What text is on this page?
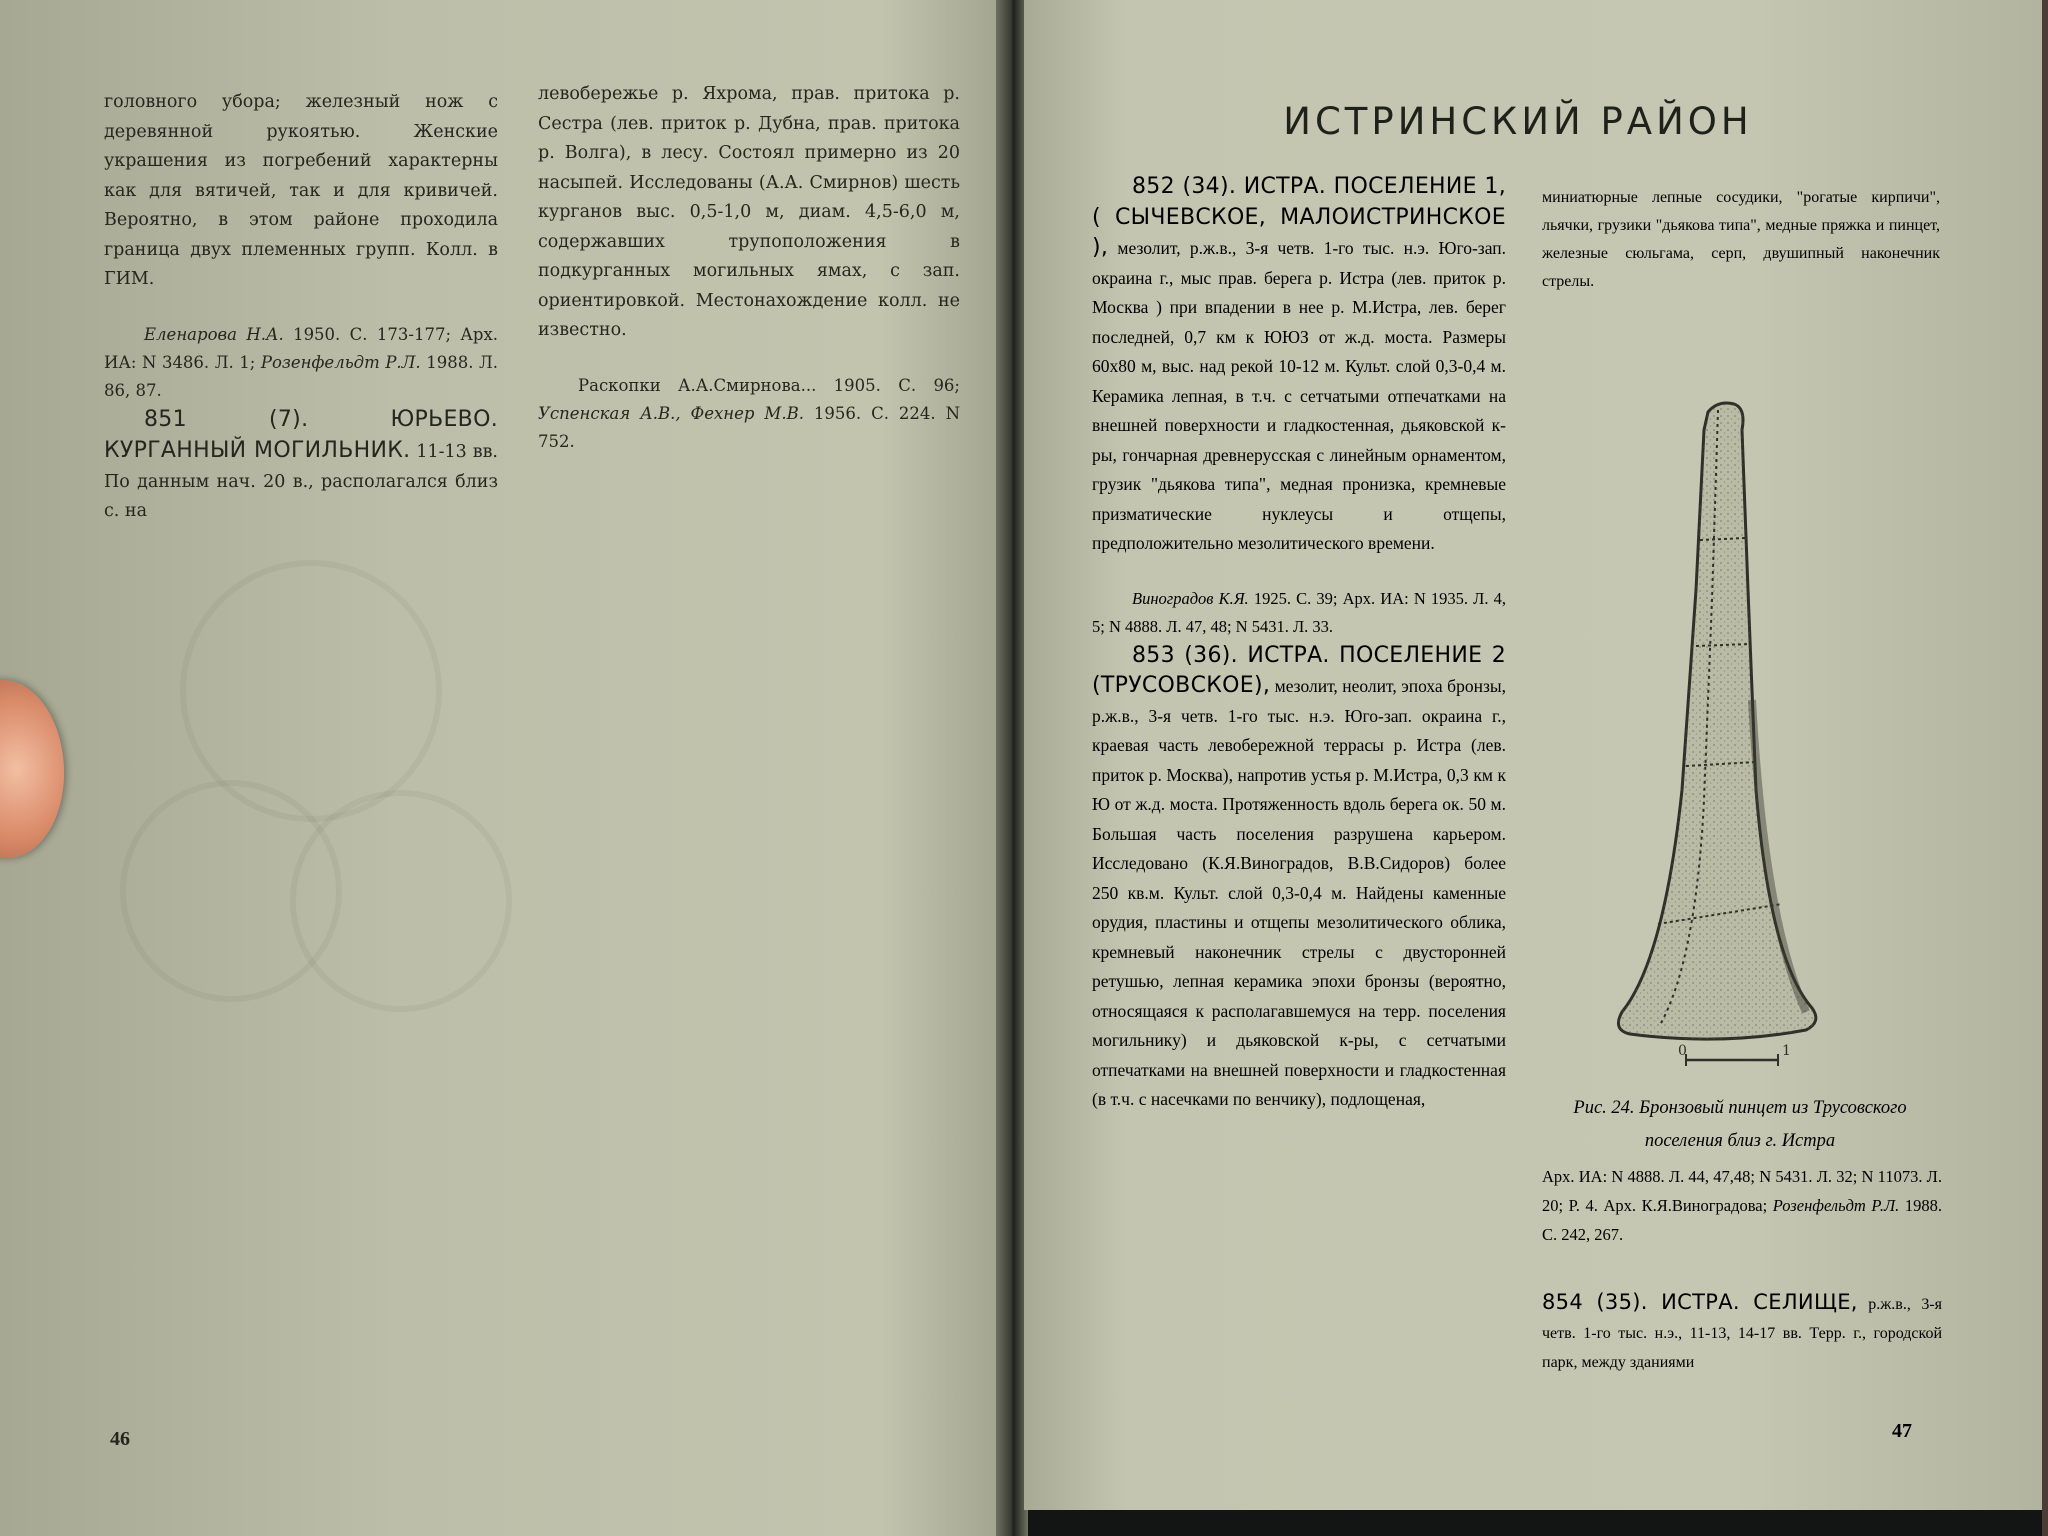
головного убора; железный нож с деревянной рукоятью. Женские украшения из погребений характерны как для вятичей, так и для кривичей. Вероятно, в этом районе проходила граница двух племенных групп. Колл. в ГИМ.

Еленарова Н.А. 1950. С. 173-177; Арх. ИА: N 3486. Л. 1; Розенфельдт Р.Л. 1988. Л. 86, 87.

851 (7). ЮРЬЕВО. КУРГАННЫЙ МОГИЛЬНИК. 11-13 вв. По данным нач. 20 в., располагался близ с. на

левобережье р. Яхрома, прав. притока р. Сестра (лев. приток р. Дубна, прав. притока р. Волга), в лесу. Состоял примерно из 20 насыпей. Исследованы (А.А. Смирнов) шесть курганов выс. 0,5-1,0 м, диам. 4,5-6,0 м, содержавших трупоположения в подкурганных могильных ямах, с зап. ориентировкой. Местонахождение колл. не известно.

Раскопки А.А.Смирнова... 1905. С. 96; Успенская А.В., Фехнер М.В. 1956. С. 224. N 752.

46
ИСТРИНСКИЙ РАЙОН

852 (34). ИСТРА. ПОСЕЛЕНИЕ 1, ( СЫЧЕВСКОЕ, МАЛОИСТРИНСКОЕ ), мезолит, р.ж.в., 3-я четв. 1-го тыс. н.э. Юго-зап. окраина г., мыс прав. берега р. Истра (лев. приток р. Москва ) при впадении в нее р. М.Истра, лев. берег последней, 0,7 км к ЮЮЗ от ж.д. моста. Размеры 60х80 м, выс. над рекой 10-12 м. Культ. слой 0,3-0,4 м. Керамика лепная, в т.ч. с сетчатыми отпечатками на внешней поверхности и гладкостенная, дьяковской к-ры, гончарная древнерусская с линейным орнаментом, грузик "дьякова типа", медная пронизка, кремневые призматические нуклеусы и отщепы, предположительно мезолитического времени.

Виноградов К.Я. 1925. С. 39; Арх. ИА: N 1935. Л. 4, 5; N 4888. Л. 47, 48; N 5431. Л. 33.

853 (36). ИСТРА. ПОСЕЛЕНИЕ 2 (ТРУСОВСКОЕ), мезолит, неолит, эпоха бронзы, р.ж.в., 3-я четв. 1-го тыс. н.э. Юго-зап. окраина г., краевая часть левобережной террасы р. Истра (лев. приток р. Москва), напротив устья р. М.Истра, 0,3 км к Ю от ж.д. моста. Протяженность вдоль берега ок. 50 м. Большая часть поселения разрушена карьером. Исследовано (К.Я.Виноградов, В.В.Сидоров) более 250 кв.м. Культ. слой 0,3-0,4 м. Найдены каменные орудия, пластины и отщепы мезолитического облика, кремневый наконечник стрелы с двусторонней ретушью, лепная керамика эпохи бронзы (вероятно, относящаяся к располагавшемуся на терр. поселения могильнику) и дьяковской к-ры, с сетчатыми отпечатками на внешней поверхности и гладкостенная (в т.ч. с насечками по венчику), подлощеная,

миниатюрные лепные сосудики, "рогатые кирпичи", льячки, грузики "дьякова типа", медные пряжка и пинцет, железные сюльгама, серп, двушипный наконечник стрелы.

0	1
Рис. 24. Бронзовый пинцет из Трусовского поселения близ г. Истра
Арх. ИА: N 4888. Л. 44, 47,48; N 5431. Л. 32; N 11073. Л. 20; Р. 4. Арх. К.Я.Виноградова; Розенфельдт Р.Л. 1988. С. 242, 267.
854 (35). ИСТРА. СЕЛИЩЕ, р.ж.в., 3-я четв. 1-го тыс. н.э., 11-13, 14-17 вв. Терр. г., городской парк, между зданиями
47
